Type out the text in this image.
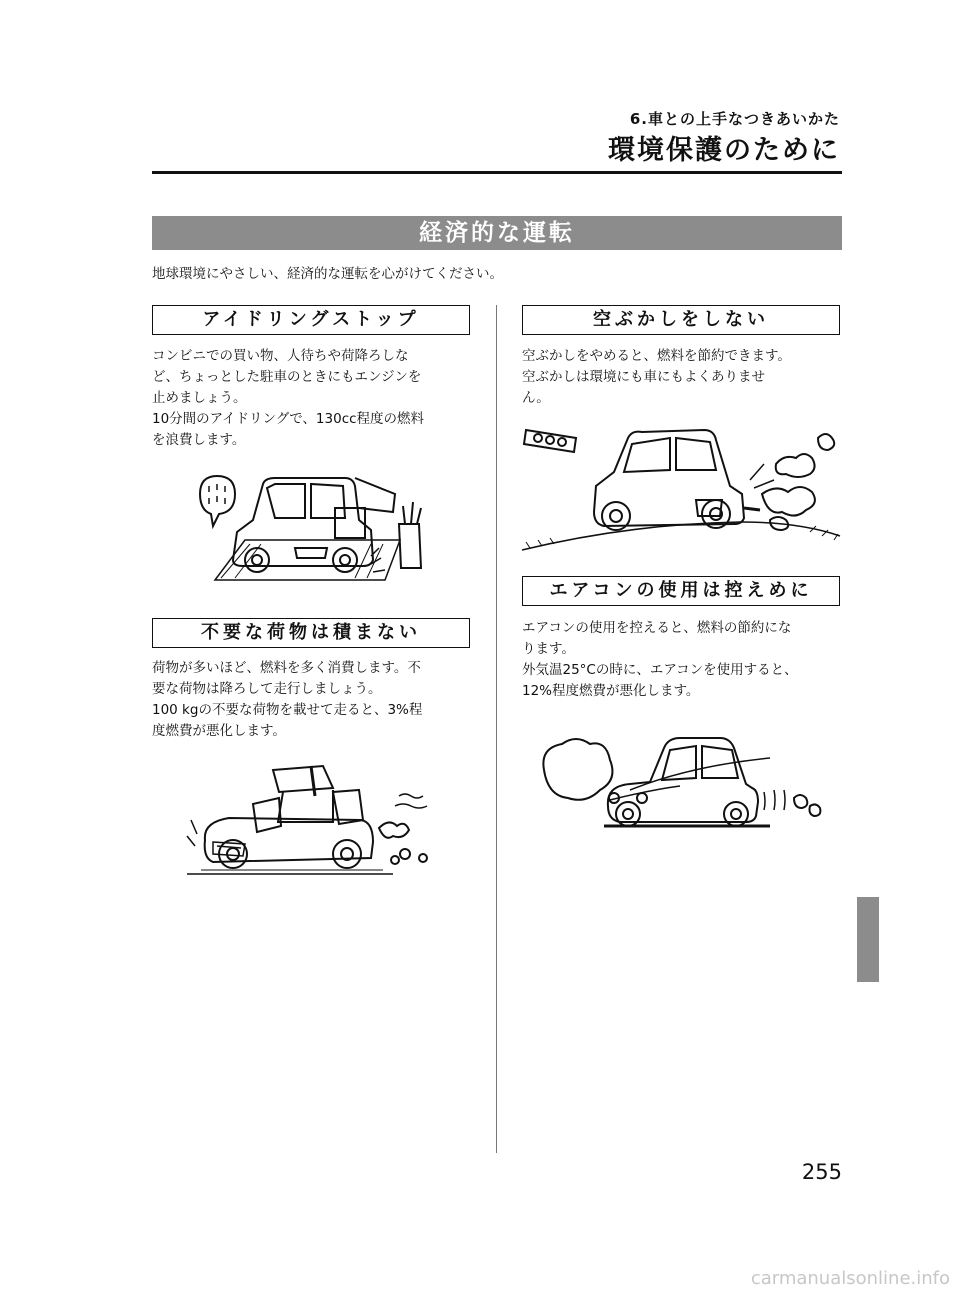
6.車との上手なつきあいかた
環境保護のために
経済的な運転
地球環境にやさしい、経済的な運転を心がけてください。
アイドリングストップ
コンビニでの買い物、人待ちや荷降ろしな
ど、ちょっとした駐車のときにもエンジンを
止めましょう。
10分間のアイドリングで、130cc程度の燃料
を浪費します。
不要な荷物は積まない
荷物が多いほど、燃料を多く消費します。不
要な荷物は降ろして走行しましょう。
100 kgの不要な荷物を載せて走ると、3%程
度燃費が悪化します。
空ぶかしをしない
空ぶかしをやめると、燃料を節約できます。
空ぶかしは環境にも車にもよくありませ
ん。
エアコンの使用は控えめに
エアコンの使用を控えると、燃料の節約にな
ります。
外気温25°Cの時に、エアコンを使用すると、
12%程度燃費が悪化します。
255
carmanualsonline.info
